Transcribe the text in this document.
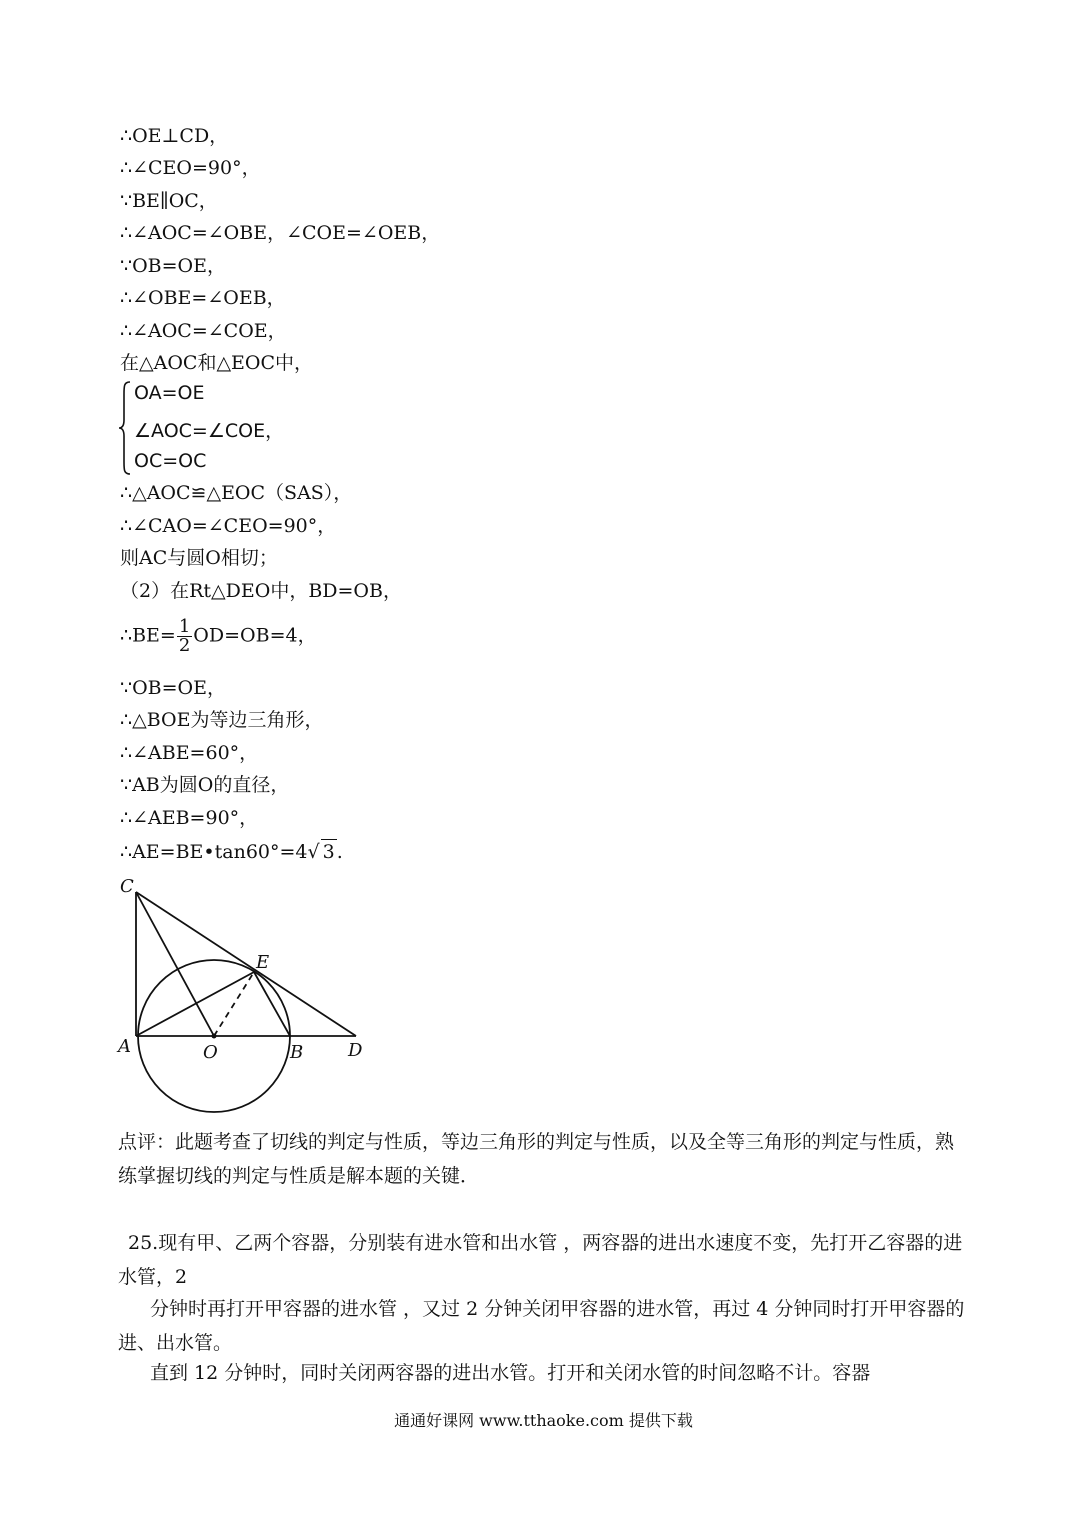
∴OE⊥CD，
∴∠CEO=90°，
∵BE∥OC，
∴∠AOC=∠OBE，∠COE=∠OEB，
∵OB=OE，
∴∠OBE=∠OEB，
∴∠AOC=∠COE，
在△AOC和△EOC中，
OA=OE
∠AOC=∠COE，
OC=OC
∴△AOC≌△EOC（SAS），
∴∠CAO=∠CEO=90°，
则AC与圆O相切；
（2）在Rt△DEO中，BD=OB，
∴BE= $\frac{1}{2} OD=OB=4$，
∵OB=OE，
∴△BOE为等边三角形，
∴∠ABE=60°，
∵AB为圆O的直径，
∴∠AEB=90°，
∴AE=BE•tan60°=4√ 3 .
C
E
A	O	B D
点评：此题考查了切线的判定与性质，等边三角形的判定与性质，以及全等三角形的判定与性质，熟练掌握切线的判定与性质是解本题的关键．
25.现有甲、乙两个容器，分别装有进水管和出水管 ，两容器的进出水速度不变，先打开乙容器的进水管，2
分钟时再打开甲容器的进水管 ，又过 2 分钟关闭甲容器的进水管，再过 4 分钟同时打开甲容器的进、出水管。
直到 12 分钟时，同时关闭两容器的进出水管。打开和关闭水管的时间忽略不计。容器
通通好课网 www.tthaoke.com 提供下载
